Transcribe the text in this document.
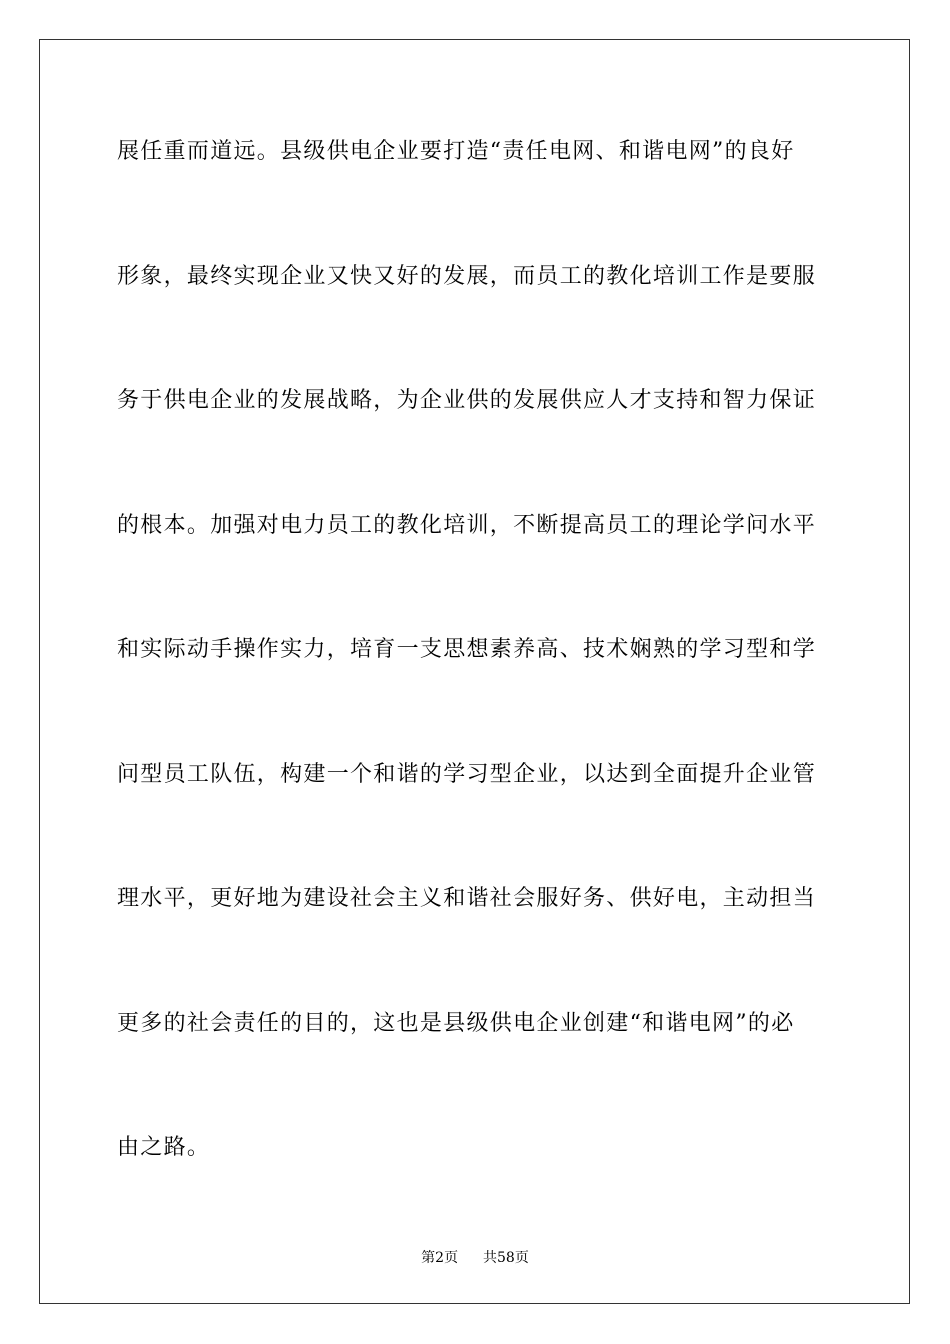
展任重而道远。县级供电企业要打造“责任电网、和谐电网”的良好
形象，最终实现企业又快又好的发展，而员工的教化培训工作是要服
务于供电企业的发展战略，为企业供的发展供应人才支持和智力保证
的根本。加强对电力员工的教化培训，不断提高员工的理论学问水平
和实际动手操作实力，培育一支思想素养高、技术娴熟的学习型和学
问型员工队伍，构建一个和谐的学习型企业，以达到全面提升企业管
理水平，更好地为建设社会主义和谐社会服好务、供好电，主动担当
更多的社会责任的目的，这也是县级供电企业创建“和谐电网”的必
由之路。
第2页 共58页
